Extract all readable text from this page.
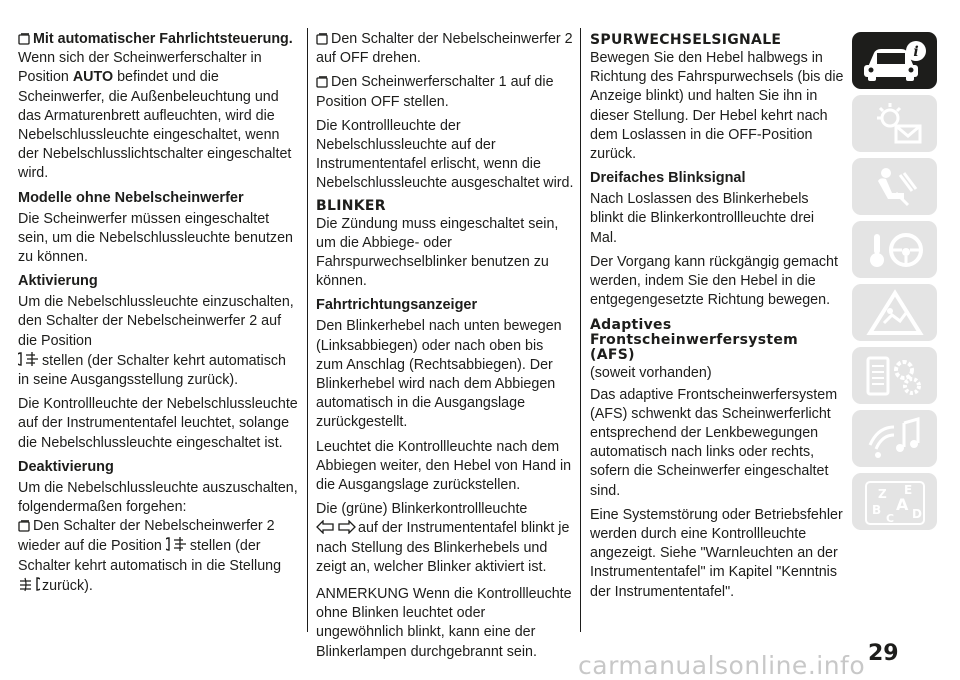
Mit automatischer Fahrlichtsteuerung. Wenn sich der Scheinwerferschalter in Position AUTO befindet und die Scheinwerfer, die Außenbeleuchtung und das Armaturenbrett aufleuchten, wird die Nebelschlussleuchte eingeschaltet, wenn der Nebelschlusslichtschalter eingeschaltet wird.

Modelle ohne Nebelscheinwerfer

Die Scheinwerfer müssen eingeschaltet sein, um die Nebelschlussleuchte benutzen zu können.

Aktivierung

Um die Nebelschlussleuchte einzuschalten, den Schalter der Nebelscheinwerfer 2 auf die Position
stellen (der Schalter kehrt automatisch in seine Ausgangsstellung zurück).

Die Kontrollleuchte der Nebelschlussleuchte auf der Instrumententafel leuchtet, solange die Nebelschlussleuchte eingeschaltet ist.

Deaktivierung

Um die Nebelschlussleuchte auszuschalten, folgendermaßen forgehen:

Den Schalter der Nebelscheinwerfer 2 wieder auf die Position stellen (der Schalter kehrt automatisch in die Stellung zurück).

Den Schalter der Nebelscheinwerfer 2 auf OFF drehen.

Den Scheinwerferschalter 1 auf die Position OFF stellen.

Die Kontrollleuchte der Nebelschlussleuchte auf der Instrumententafel erlischt, wenn die Nebelschlussleuchte ausgeschaltet wird.

BLINKER

Die Zündung muss eingeschaltet sein, um die Abbiege- oder Fahrspurwechselblinker benutzen zu können.

Fahrtrichtungsanzeiger

Den Blinkerhebel nach unten bewegen (Linksabbiegen) oder nach oben bis zum Anschlag (Rechtsabbiegen). Der Blinkerhebel wird nach dem Abbiegen automatisch in die Ausgangslage zurückgestellt.

Leuchtet die Kontrollleuchte nach dem Abbiegen weiter, den Hebel von Hand in die Ausgangslage zurückstellen.

Die (grüne) Blinkerkontrollleuchte
auf der Instrumententafel blinkt je nach Stellung des Blinkerhebels und zeigt an, welcher Blinker aktiviert ist.

ANMERKUNG Wenn die Kontrollleuchte ohne Blinken leuchtet oder ungewöhnlich blinkt, kann eine der Blinkerlampen durchgebrannt sein.

SPURWECHSELSIGNALE

Bewegen Sie den Hebel halbwegs in Richtung des Fahrspurwechsels (bis die Anzeige blinkt) und halten Sie ihn in dieser Stellung. Der Hebel kehrt nach dem Loslassen in die OFF-Position zurück.

Dreifaches Blinksignal

Nach Loslassen des Blinkerhebels blinkt die Blinkerkontrollleuchte drei Mal.

Der Vorgang kann rückgängig gemacht werden, indem Sie den Hebel in die entgegengesetzte Richtung bewegen.

Adaptives
Frontscheinwerfersystem
(AFS)

(soweit vorhanden)

Das adaptive Frontscheinwerfersystem (AFS) schwenkt das Scheinwerferlicht entsprechend der Lenkbewegungen automatisch nach links oder rechts, sofern die Scheinwerfer eingeschaltet sind.

Eine Systemstörung oder Betriebsfehler werden durch eine Kontrollleuchte angezeigt. Siehe "Warnleuchten an der Instrumententafel" im Kapitel "Kenntnis der Instrumententafel".

i
Z E
B A
C D
29
carmanualsonline.info
